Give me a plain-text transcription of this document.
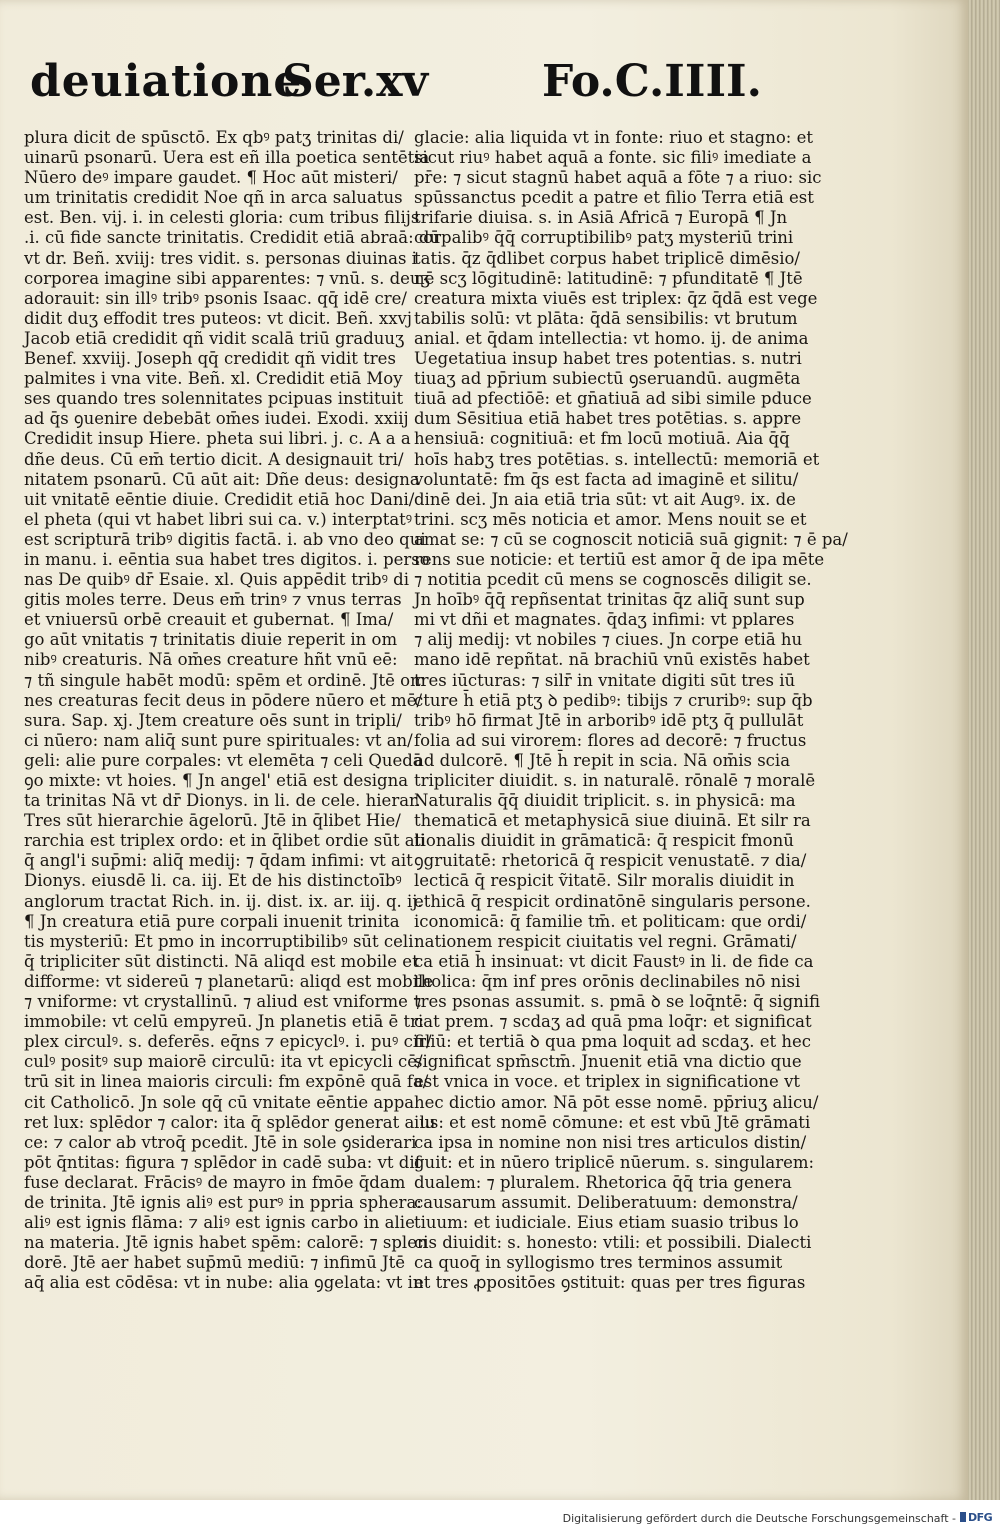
deuiatione
Ser.xv	Fo.C.IIII.
plura dicit de spūsctō. Ex qbꝰ patʒ trinitas di/
uinarū psonarū. Uera est eñ illa poetica sentētia
Nūero deꝰ impare gaudet. ¶ Hoc aūt misteri/
um trinitatis credidit Noe qñ in arca saluatus
est. Ben. vij. i. in celesti gloria: cum tribus filijs
.i. cū fide sancte trinitatis. Credidit etiā abraā: dū
vt dr. Beñ. xviij: tres vidit. s. personas diuinas i
corporea imagine sibi apparentes: ⁊ vnū. s. deuʒ
adorauit: sin illꝰ tribꝰ psonis Isaac. qq̄ idē cre/
didit duʒ effodit tres puteos: vt dicit. Beñ. xxvj
Jacob etiā credidit qñ vidit scalā triū graduuʒ
Benef. xxviij. Joseph qq̄ credidit qñ vidit tres
palmites i vna vite. Beñ. xl. Credidit etiā Moy
ses quando tres solennitates pcipuas instituit
ad q̄s ꝯuenire debebāt om̄es iudei. Exodi. xxiij
Credidit insup Hiere. pheta sui libri. j. c. A a a
dñe deus. Cū em̄ tertio dicit. A designauit tri/
nitatem psonarū. Cū aūt ait: Dñe deus: designa
uit vnitatē eēntie diuie. Credidit etiā hoc Dani/
el pheta (qui vt habet libri sui ca. v.) interptatꝰ
est scripturā tribꝰ digitis factā. i. ab vno deo qui
in manu. i. eēntia sua habet tres digitos. i. perso
nas De quibꝰ dr̄ Esaie. xl. Quis appēdit tribꝰ di
gitis moles terre. Deus em̄ trinꝰ ⁊ vnus terras
et vniuersū orbē creauit et gubernat. ¶ Ima/
go aūt vnitatis ⁊ trinitatis diuie reperit in om
nibꝰ creaturis. Nā om̄es creature hñt vnū eē:
⁊ tñ singule habēt modū: spēm et ordinē. Jtē om
nes creaturas fecit deus in pōdere nūero et mē/
sura. Sap. xj. Jtem creature oēs sunt in tripli/
ci nūero: nam aliq̄ sunt pure spirituales: vt an/
geli: alie pure corpales: vt elemēta ⁊ celi Quedā
ꝯo mixte: vt hoies. ¶ Jn angel' etiā est designa
ta trinitas Nā vt dr̄ Dionys. in li. de cele. hierar.
Tres sūt hierarchie āgelorū. Jtē in q̄libet Hie/
rarchia est triplex ordo: et in q̄libet ordie sūt ali
q̄ angl'i sup̄mi: aliq̄ medij: ⁊ q̄dam infimi: vt ait
Dionys. eiusdē li. ca. iij. Et de his distinctoībꝰ
anglorum tractat Rich. in. ij. dist. ix. ar. iij. q. ij.
¶ Jn creatura etiā pure corpali inuenit trinita
tis mysteriū: Et pmo in incorruptibilibꝰ sūt celi
q̄ tripliciter sūt distincti. Nā aliqd est mobile et
difforme: vt sidereū ⁊ planetarū: aliqd est mobile
⁊ vniforme: vt crystallinū. ⁊ aliud est vniforme ⁊
immobile: vt celū empyreū. Jn planetis etiā ē tri
plex circulꝰ. s. deferēs. eq̄ns ⁊ epicyclꝰ. i. puꝰ cir/
culꝰ positꝰ sup maiorē circulū: ita vt epicycli cē/
trū sit in linea maioris circuli: fm expōnē quā fa/
cit Catholicō. Jn sole qq̄ cū vnitate eēntie appa
ret lux: splēdor ⁊ calor: ita q̄ splēdor generat a lu
ce: ⁊ calor ab vtroq̄ pcedit. Jtē in sole ꝯsiderari
pōt q̄ntitas: figura ⁊ splēdor in cadē suba: vt dif
fuse declarat. Frācisꝰ de mayro in fmōe q̄dam
de trinita. Jtē ignis aliꝰ est purꝰ in ppria sphera:
aliꝰ est ignis flāma: ⁊ aliꝰ est ignis carbo in alie
na materia. Jtē ignis habet spēm: calorē: ⁊ splen
dorē. Jtē aer habet sup̄mū mediū: ⁊ infimū Jtē
aq̄ alia est cōdēsa: vt in nube: alia ꝯgelata: vt in
glacie: alia liquida vt in fonte: riuo et stagno: et
sicut riuꝰ habet aquā a fonte. sic filiꝰ imediate a
pr̄e: ⁊ sicut stagnū habet aquā a fōte ⁊ a riuo: sic
spūssanctus pcedit a patre et filio Terra etiā est
trifarie diuisa. s. in Asiā Africā ⁊ Europā ¶ Jn
corpalibꝰ q̄q̄ corruptibilibꝰ patʒ mysteriū trini
tatis. q̄z q̄dlibet corpus habet triplicē dimēsio/
nē scʒ lōgitudinē: latitudinē: ⁊ pfunditatē ¶ Jtē
creatura mixta viuēs est triplex: q̄z q̄dā est vege
tabilis solū: vt plāta: q̄dā sensibilis: vt brutum
anial. et q̄dam intellectia: vt homo. ij. de anima
Uegetatiua insup habet tres potentias. s. nutri
tiuaʒ ad pp̄rium subiectū ꝯseruandū. augmēta
tiuā ad pfectiōē: et gn̄atiuā ad sibi simile pduce
dum Sēsitiua etiā habet tres potētias. s. appre
hensiuā: cognitiuā: et fm locū motiuā. Aia q̄q̄
hoīs habʒ tres potētias. s. intellectū: memoriā et
voluntatē: fm q̄s est facta ad imaginē et silitu/
dinē dei. Jn aia etiā tria sūt: vt ait Augꝰ. ix. de
trini. scʒ mēs noticia et amor. Mens nouit se et
amat se: ⁊ cū se cognoscit noticiā suā gignit: ⁊ ē pa/
rens sue noticie: et tertiū est amor q̄ de ipa mēte
⁊ notitia pcedit cū mens se cognoscēs diligit se.
Jn hoībꝰ q̄q̄ repñsentat trinitas q̄z aliq̄ sunt sup
mi vt dñi et magnates. q̄daʒ infimi: vt pplares
⁊ alij medij: vt nobiles ⁊ ciues. Jn corpe etiā hu
mano idē repñtat. nā brachiū vnū existēs habet
tres iūcturas: ⁊ silr̄ in vnitate digiti sūt tres iū
cture h̄ etiā ptʒ ꝺ pedibꝰ: tibijs ⁊ cruribꝰ: sup q̄b
tribꝰ hō firmat Jtē in arboribꝰ idē ptʒ q̄ pullulāt
folia ad sui virorem: flores ad decorē: ⁊ fructus
ad dulcorē. ¶ Jtē h̄ repit in scia. Nā om̄is scia
tripliciter diuidit. s. in naturalē. rōnalē ⁊ moralē
Naturalis q̄q̄ diuidit triplicit. s. in physicā: ma
thematicā et metaphysicā siue diuinā. Et silr ra
tionalis diuidit in grāmaticā: q̄ respicit fmonū
ꝯgruitatē: rhetoricā q̄ respicit venustatē. ⁊ dia/
lecticā q̄ respicit ṽitatē. Silr moralis diuidit in
ethicā q̄ respicit ordinatōnē singularis persone.
iconomicā: q̄ familie tm̄. et politicam: que ordi/
nationem respicit ciuitatis vel regni. Grāmati/
ca etiā h̄ insinuat: vt dicit Faustꝰ in li. de fide ca
tholica: q̄m inf pres orōnis declinabiles nō nisi
tres psonas assumit. s. pmā ꝺ se loq̄ntē: q̄ signifi
cat prem. ⁊ scdaʒ ad quā pma loq̄r: et significat
filiū: et tertiā ꝺ qua pma loquit ad scdaʒ. et hec
significat spm̄sctm̄. Jnuenit etiā vna dictio que
est vnica in voce. et triplex in significatione vt
hec dictio amor. Nā pōt esse nomē. pp̄riuʒ alicu/
ius: et est nomē cōmune: et est vbū Jtē grāmati
ca ipsa in nomine non nisi tres articulos distin/
guit: et in nūero triplicē nūerum. s. singularem:
dualem: ⁊ pluralem. Rhetorica q̄q̄ tria genera
causarum assumit. Deliberatuum: demonstra/
tiuum: et iudiciale. Eius etiam suasio tribus lo
cis diuidit: s. honesto: vtili: et possibili. Dialecti
ca quoq̄ in syllogismo tres terminos assumit
et tres ꝓpositōes ꝯstituit: quas per tres figuras
Digitalisierung gefördert durch die Deutsche Forschungsgemeinschaft -	DFG
